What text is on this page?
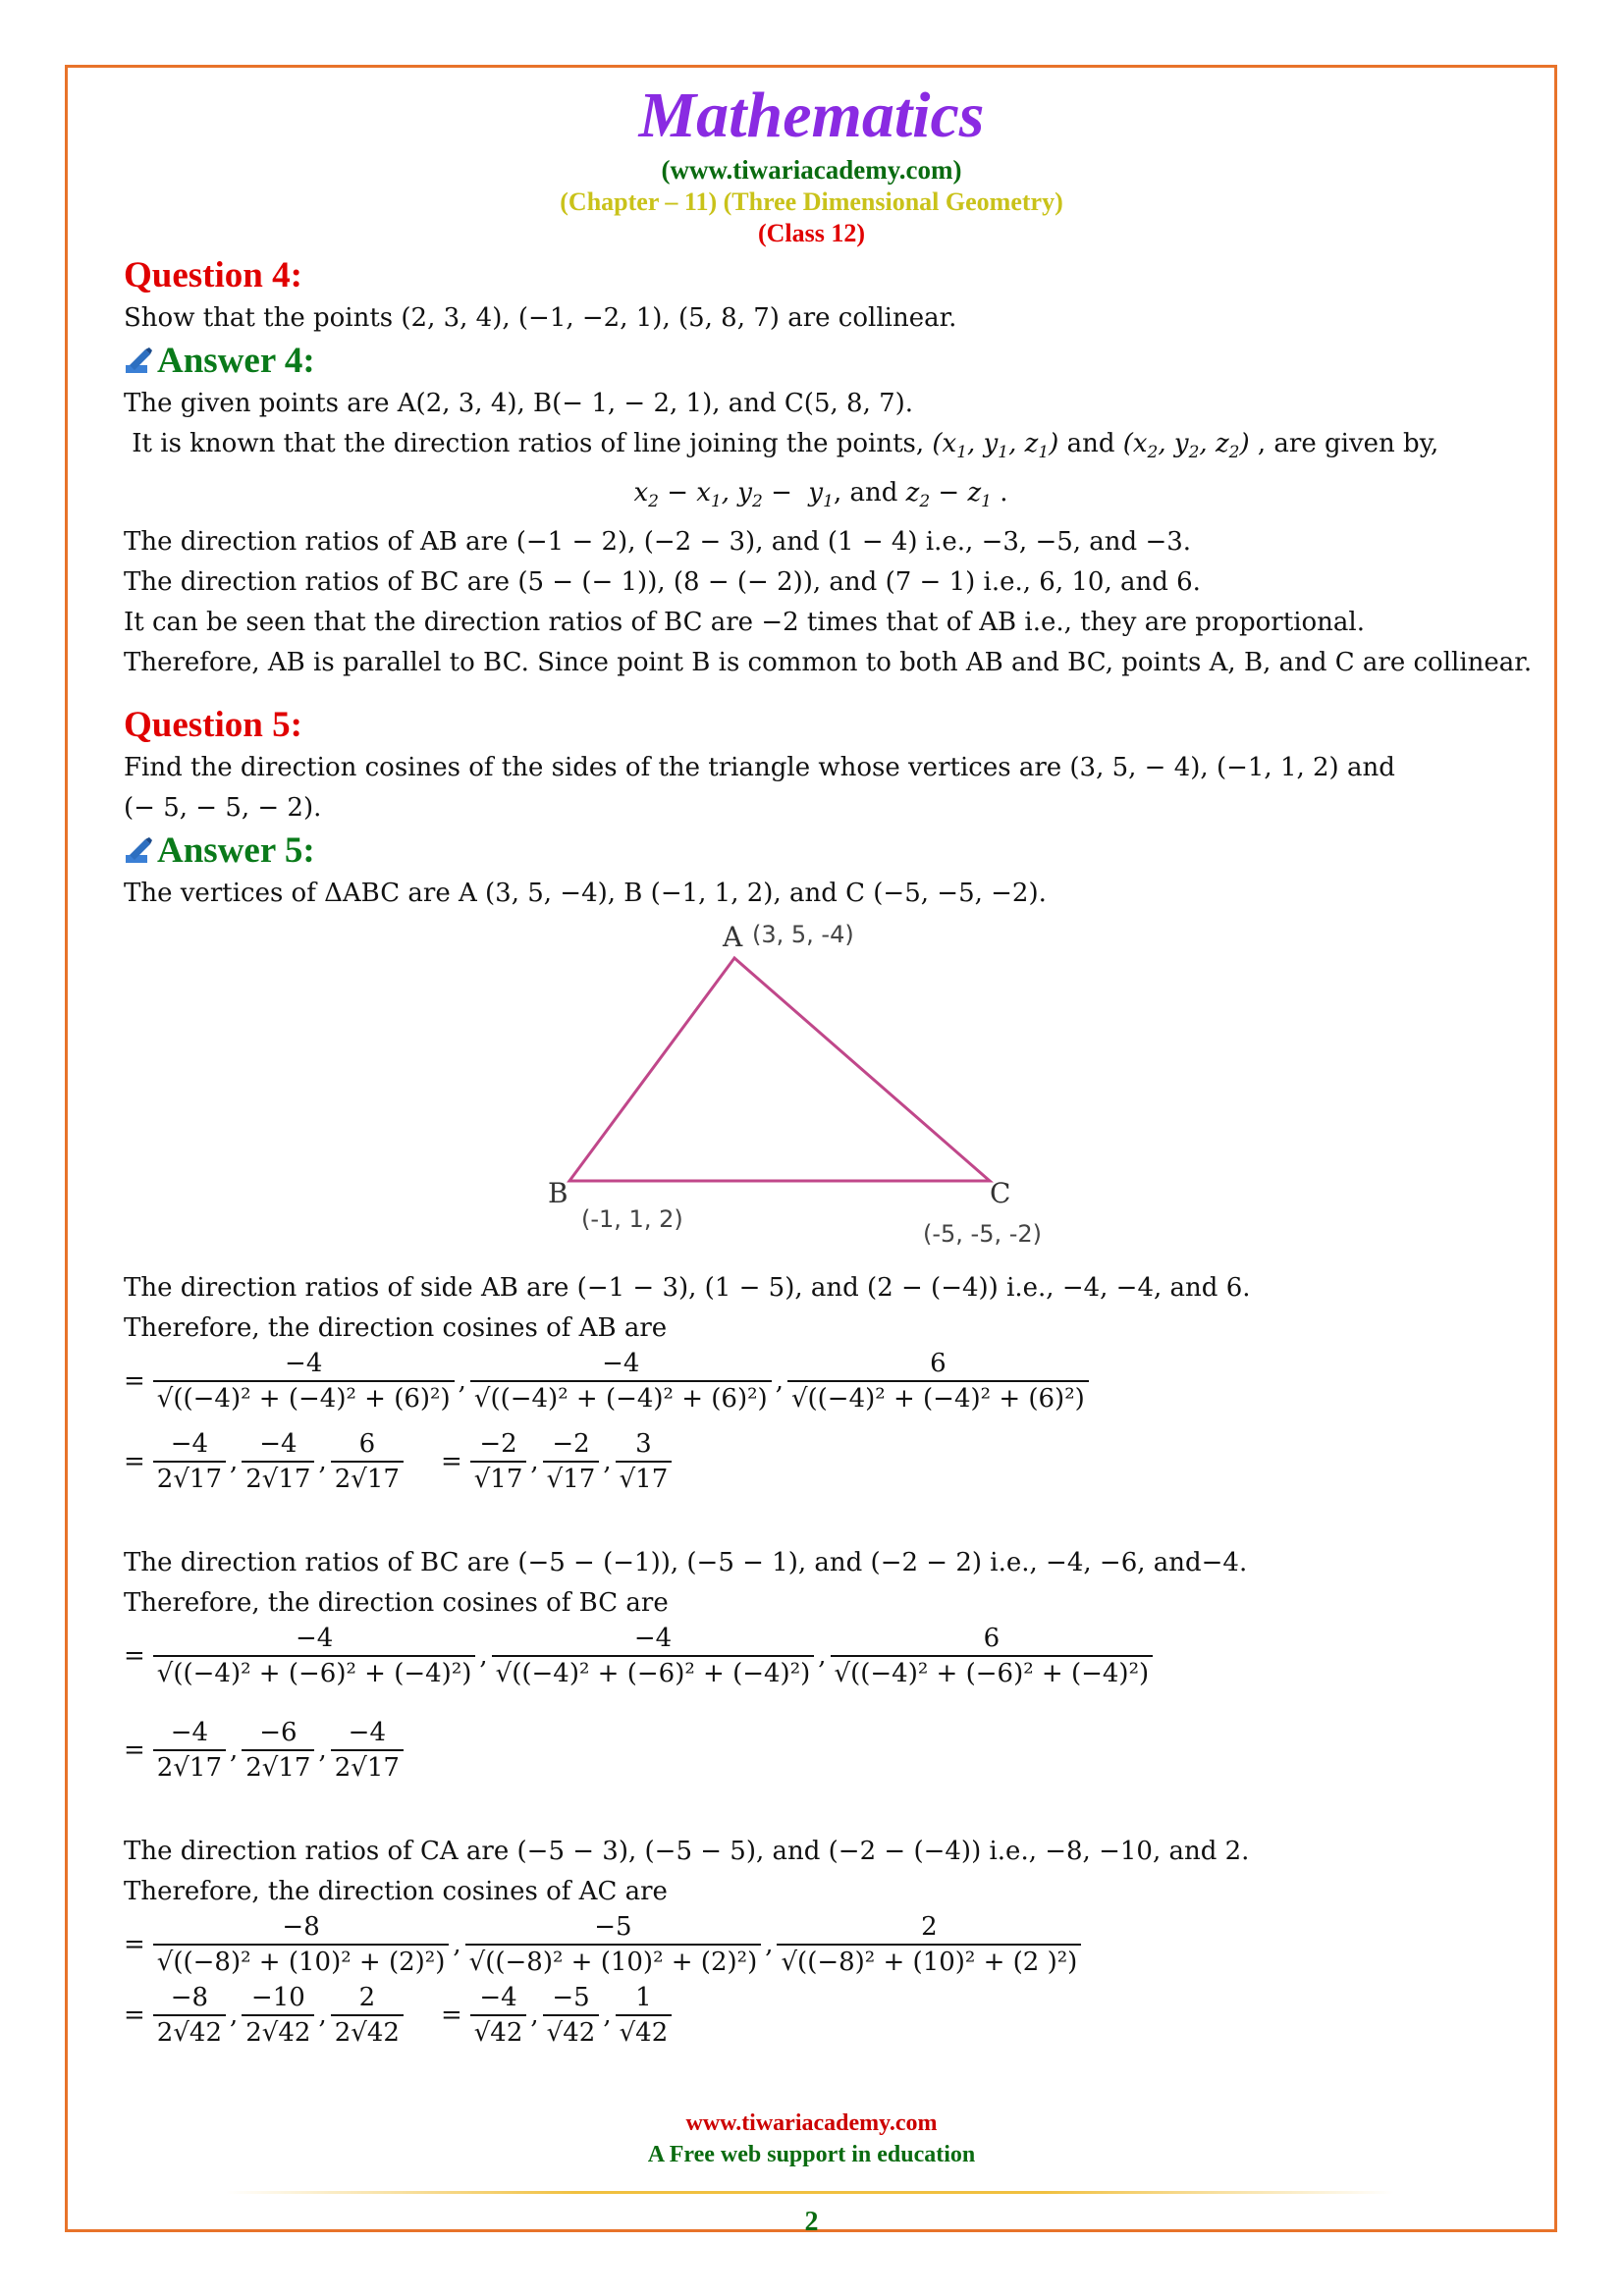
Mathematics
(www.tiwariacademy.com)
(Chapter – 11) (Three Dimensional Geometry)
(Class 12)
Question 4:
Show that the points (2, 3, 4), (−1, −2, 1), (5, 8, 7) are collinear.
Answer 4:
The given points are A(2, 3, 4), B(− 1, − 2, 1), and C(5, 8, 7).
It is known that the direction ratios of line joining the points, ($x_1$, $y_1$, $z_1$) and ($x_2$, $y_2$, $z_2$) , are given by,
$x_2 - x_1$, $y_2 - y_1$, and $z_2 - z_1$ .
The direction ratios of AB are (−1 − 2), (−2 − 3), and (1 − 4) i.e., −3, −5, and −3.
The direction ratios of BC are (5 − (− 1)), (8 − (− 2)), and (7 − 1) i.e., 6, 10, and 6.
It can be seen that the direction ratios of BC are −2 times that of AB i.e., they are proportional.
Therefore, AB is parallel to BC. Since point B is common to both AB and BC, points A, B, and C are collinear.
Question 5:
Find the direction cosines of the sides of the triangle whose vertices are (3, 5, − 4), (−1, 1, 2) and
(− 5, − 5, − 2).
Answer 5:
The vertices of ΔABC are A (3, 5, −4), B (−1, 1, 2), and C (−5, −5, −2).
A (3, 5, -4)
B
(-1, 1, 2)
C
(-5, -5, -2)
The direction ratios of side AB are (−1 − 3), (1 − 5), and (2 − (−4)) i.e., −4, −4, and 6.
Therefore, the direction cosines of AB are
= $\frac{-4}{\text{√((−4)² + (−4)² + (6)²)}}$ , $\frac{-4}{\text{√((−4)² + (−4)² + (6)²)}}$ , $\frac{6}{\text{√((−4)² + (−4)² + (6)²)}}$
= $\frac{-4}{2√17}$ , $\frac{-4}{2√17}$ , $\frac{6}{2√17} = \frac{-2}{√17}$ , $\frac{-2}{√17}$ , $\frac{3}{√17}$
The direction ratios of BC are (−5 − (−1)), (−5 − 1), and (−2 − 2) i.e., −4, −6, and−4.
Therefore, the direction cosines of BC are
= $\frac{-4}{\text{√((−4)² + (−6)² + (−4)²)}}$ , $\frac{-4}{\text{√((−4)² + (−6)² + (−4)²)}}$ , $\frac{6}{\text{√((−4)² + (−6)² + (−4)²)}}$
= $\frac{-4}{2√17}$ , $\frac{-6}{2√17}$ , $\frac{-4}{2√17}$
The direction ratios of CA are (−5 − 3), (−5 − 5), and (−2 − (−4)) i.e., −8, −10, and 2.
Therefore, the direction cosines of AC are
= $\frac{-8}{\text{√((−8)² + (10)² + (2)²)}}$ , $\frac{-5}{\text{√((−8)² + (10)² + (2)²)}}$ , $\frac{2}{\text{√((−8)² + (10)² + (2 )²)}}$
= $\frac{-8}{2√42}$ , $\frac{-10}{2√42}$ , $\frac{2}{2√42} = \frac{-4}{√42}$ , $\frac{-5}{√42}$ , $\frac{1}{√42}$
www.tiwariacademy.com
A Free web support in education
2
